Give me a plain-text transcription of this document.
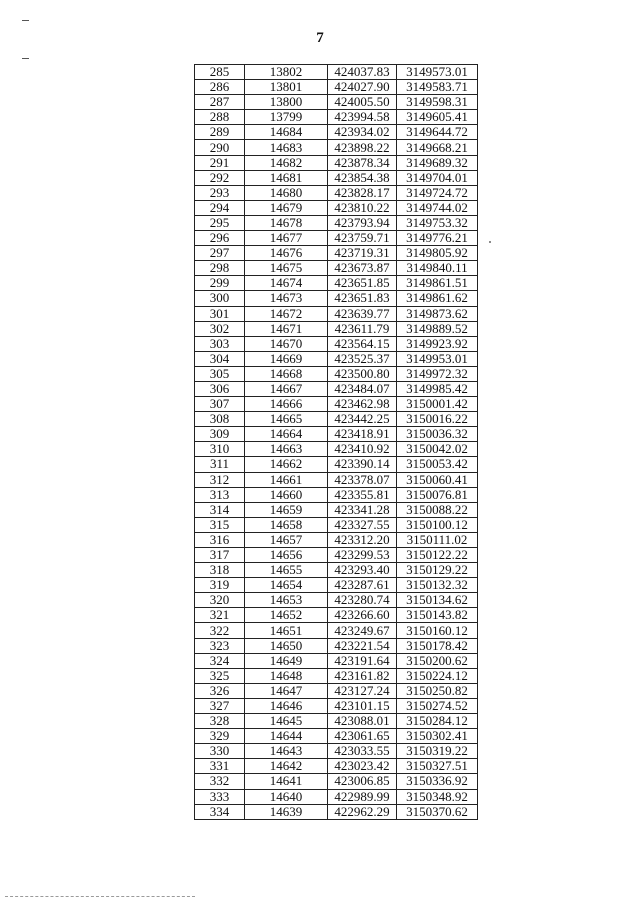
7
285	13802	424037.83	3149573.01
286	13801	424027.90	3149583.71
287	13800	424005.50	3149598.31
288	13799	423994.58	3149605.41
289	14684	423934.02	3149644.72
290	14683	423898.22	3149668.21
291	14682	423878.34	3149689.32
292	14681	423854.38	3149704.01
293	14680	423828.17	3149724.72
294	14679	423810.22	3149744.02
295	14678	423793.94	3149753.32
296	14677	423759.71	3149776.21
297	14676	423719.31	3149805.92
298	14675	423673.87	3149840.11
299	14674	423651.85	3149861.51
300	14673	423651.83	3149861.62
301	14672	423639.77	3149873.62
302	14671	423611.79	3149889.52
303	14670	423564.15	3149923.92
304	14669	423525.37	3149953.01
305	14668	423500.80	3149972.32
306	14667	423484.07	3149985.42
307	14666	423462.98	3150001.42
308	14665	423442.25	3150016.22
309	14664	423418.91	3150036.32
310	14663	423410.92	3150042.02
311	14662	423390.14	3150053.42
312	14661	423378.07	3150060.41
313	14660	423355.81	3150076.81
314	14659	423341.28	3150088.22
315	14658	423327.55	3150100.12
316	14657	423312.20	3150111.02
317	14656	423299.53	3150122.22
318	14655	423293.40	3150129.22
319	14654	423287.61	3150132.32
320	14653	423280.74	3150134.62
321	14652	423266.60	3150143.82
322	14651	423249.67	3150160.12
323	14650	423221.54	3150178.42
324	14649	423191.64	3150200.62
325	14648	423161.82	3150224.12
326	14647	423127.24	3150250.82
327	14646	423101.15	3150274.52
328	14645	423088.01	3150284.12
329	14644	423061.65	3150302.41
330	14643	423033.55	3150319.22
331	14642	423023.42	3150327.51
332	14641	423006.85	3150336.92
333	14640	422989.99	3150348.92
334	14639	422962.29	3150370.62
